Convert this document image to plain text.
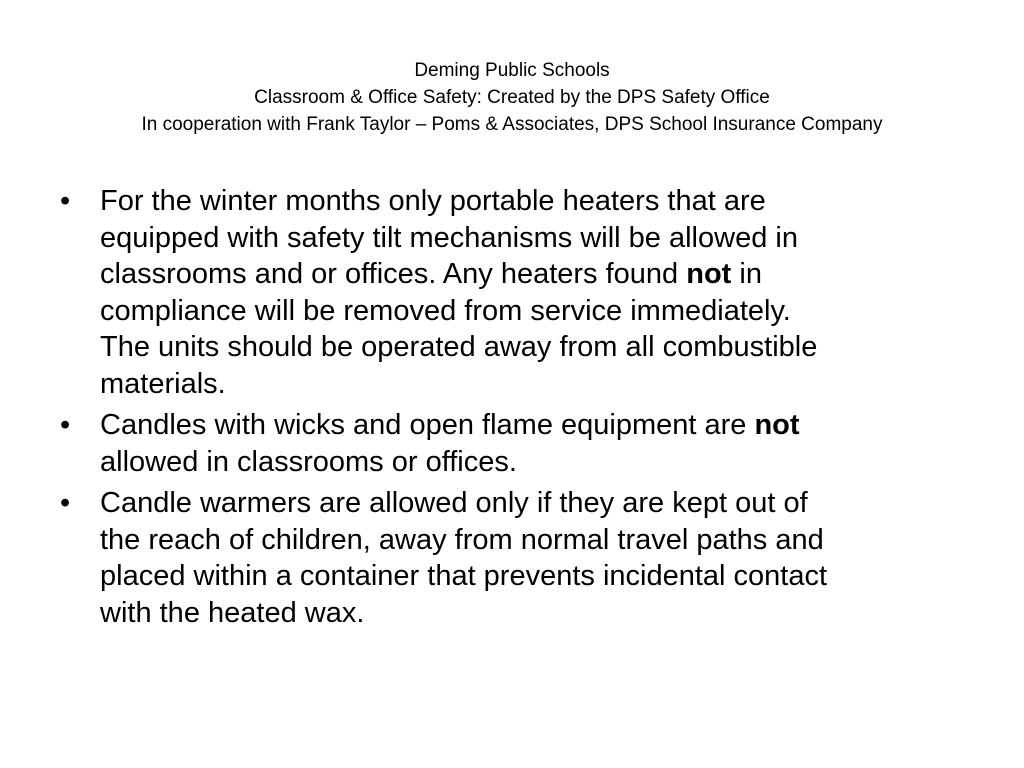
Deming Public Schools
Classroom & Office Safety: Created by the DPS Safety Office
In cooperation with Frank Taylor – Poms & Associates, DPS School Insurance Company
• For the winter months only portable heaters that are
equipped with safety tilt mechanisms will be allowed in
classrooms and or offices. Any heaters found not in
compliance will be removed from service immediately.
The units should be operated away from all combustible
materials.
• Candles with wicks and open flame equipment are not
allowed in classrooms or offices.
• Candle warmers are allowed only if they are kept out of
the reach of children, away from normal travel paths and
placed within a container that prevents incidental contact
with the heated wax.
